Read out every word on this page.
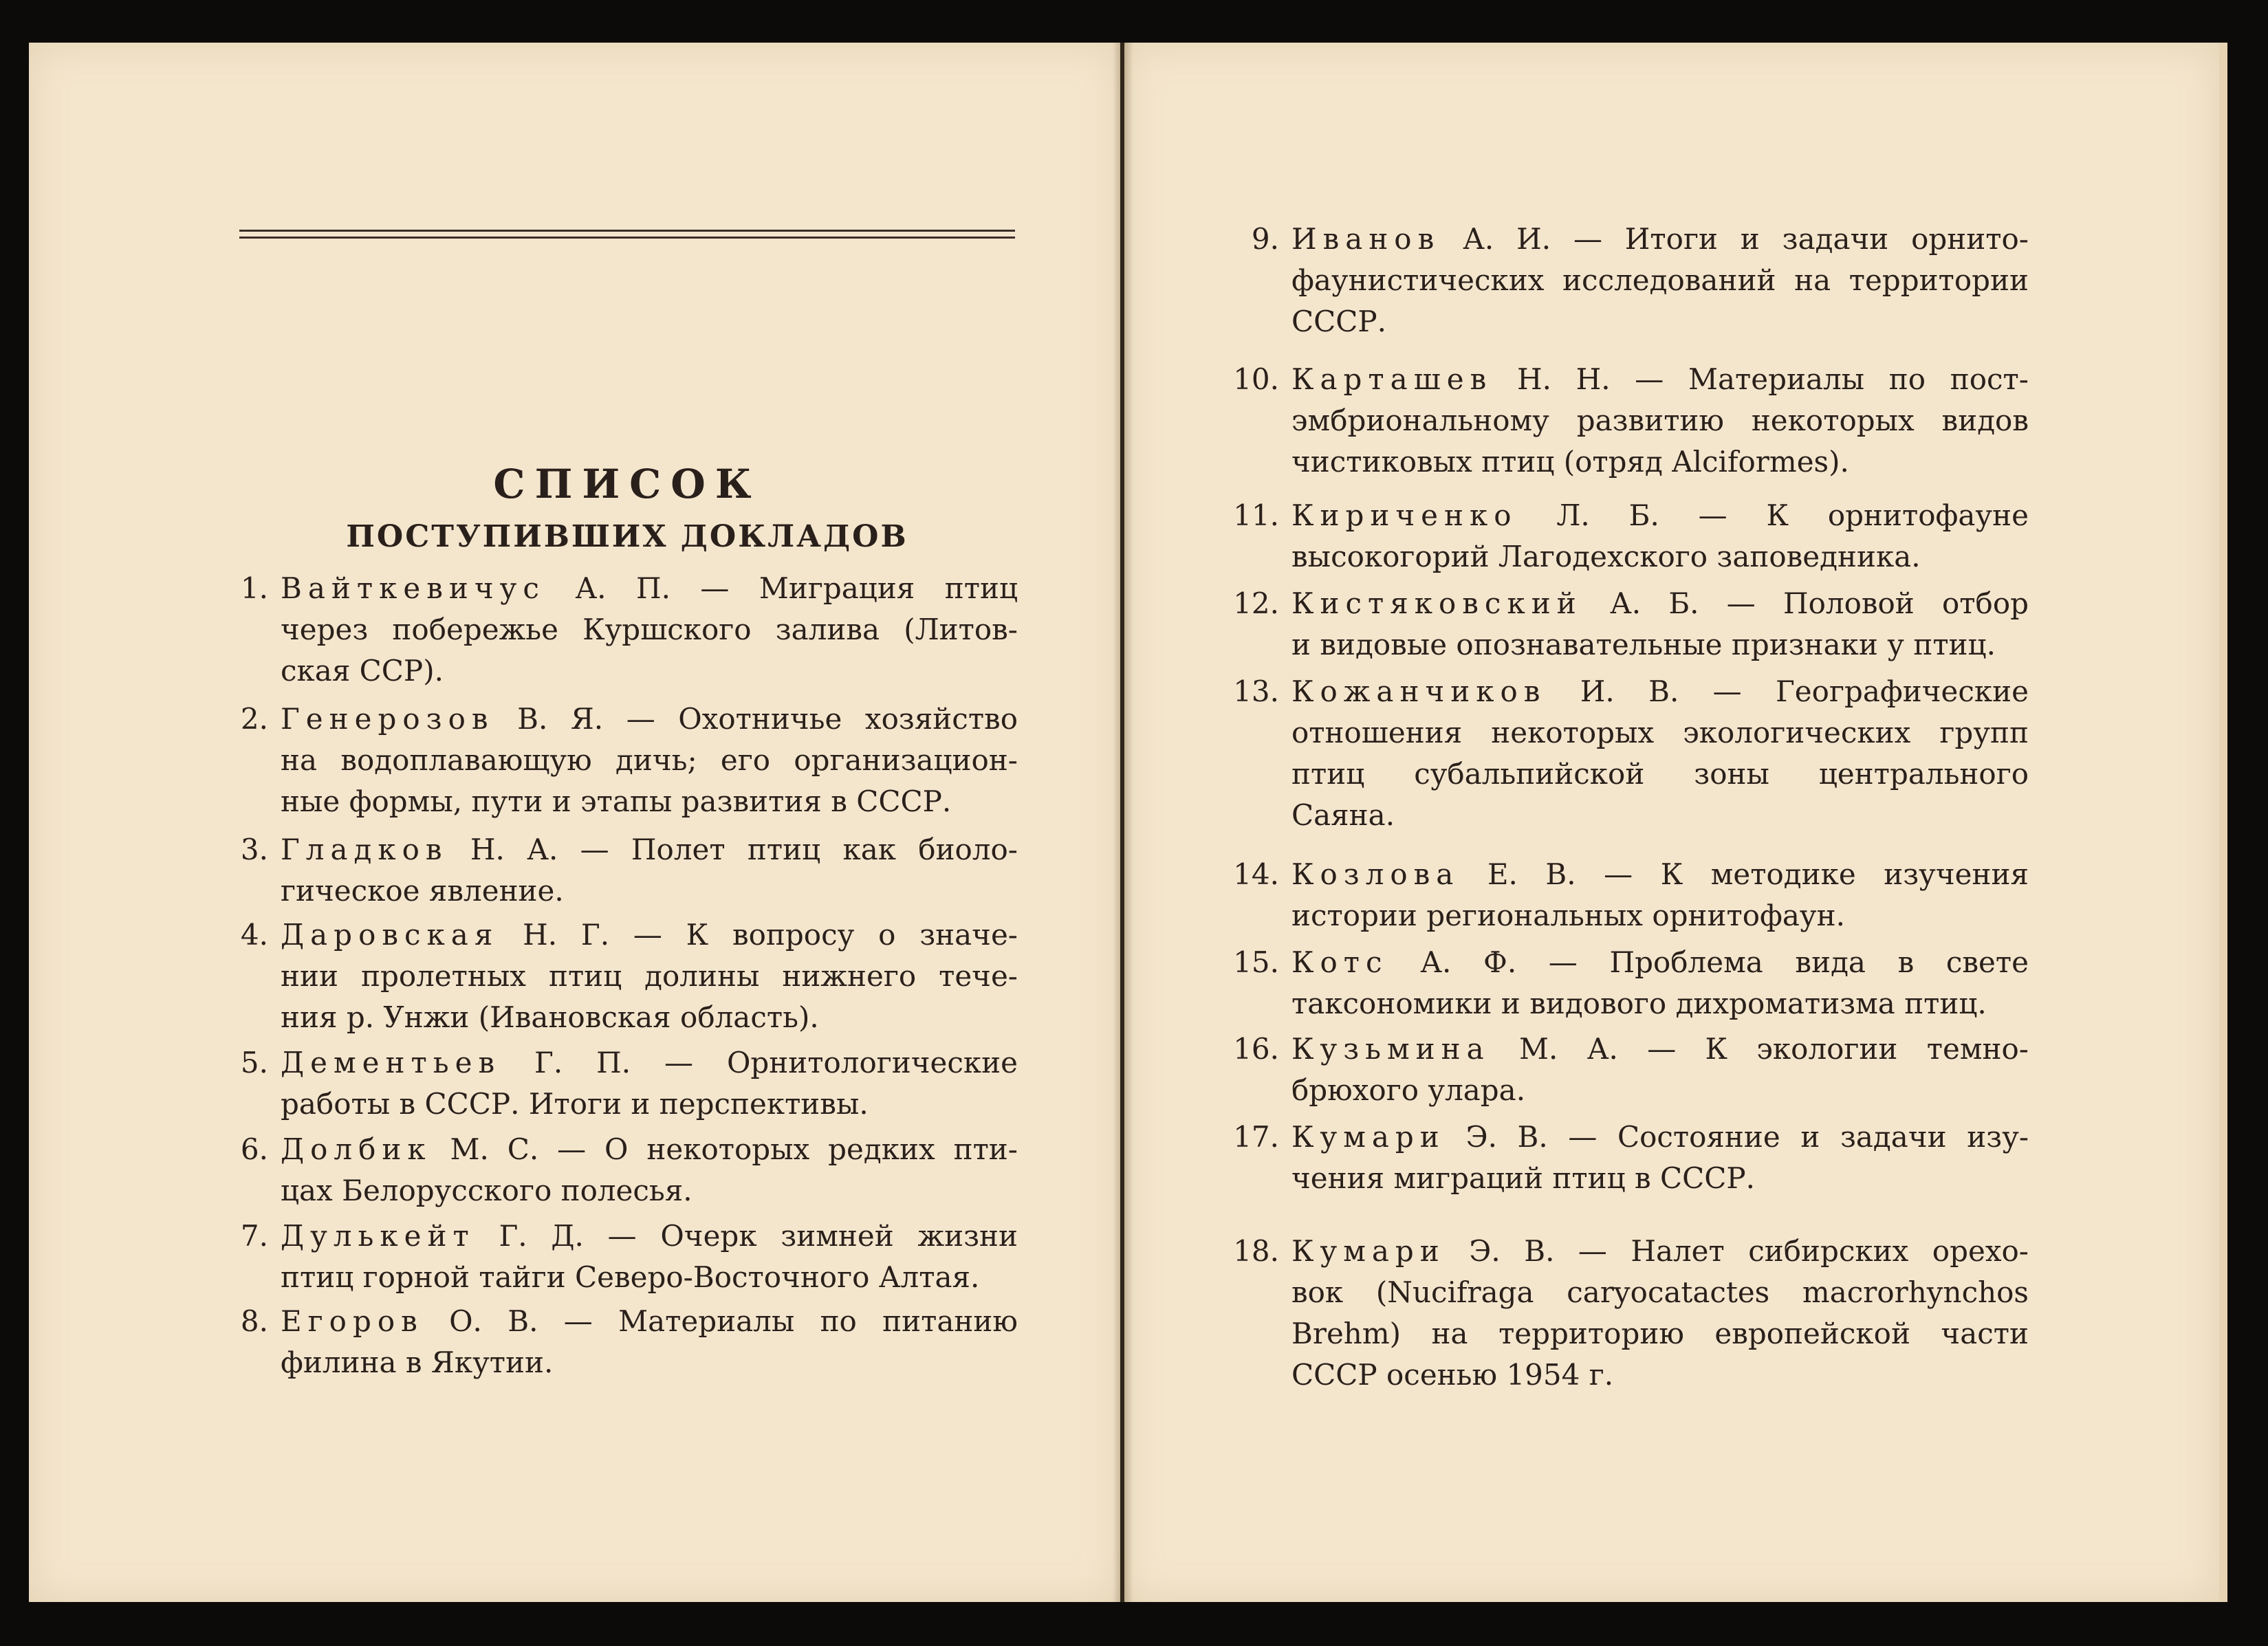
СПИСОК
ПОСТУПИВШИХ ДОКЛАДОВ
1. Вайткевичус А. П. — Миграция птиц
через побережье Куршского залива (Литов-
ская ССР).
2. Генерозов В. Я. — Охотничье хозяйство
на водоплавающую дичь; его организацион-
ные формы, пути и этапы развития в СССР.
3. Гладков Н. А. — Полет птиц как биоло-
гическое явление.
4. Даровская Н. Г. — К вопросу о значе-
нии пролетных птиц долины нижнего тече-
ния р. Унжи (Ивановская область).
5. Дементьев Г. П. — Орнитологические
работы в СССР. Итоги и перспективы.
6. Долбик М. С. — О некоторых редких пти-
цах Белорусского полесья.
7. Дулькейт Г. Д. — Очерк зимней жизни
птиц горной тайги Северо-Восточного Алтая.
8. Егоров О. В. — Материалы по питанию
филина в Якутии.
9. Иванов А. И. — Итоги и задачи орнито-
фаунистических исследований на территории
СССР.
10. Карташев Н. Н. — Материалы по пост-
эмбриональному развитию некоторых видов
чистиковых птиц (отряд Alciformes).
11. Кириченко Л. Б. — К орнитофауне
высокогорий Лагодехского заповедника.
12. Кистяковский А. Б. — Половой отбор
и видовые опознавательные признаки у птиц.
13. Кожанчиков И. В. — Географические
отношения некоторых экологических групп
птиц субальпийской зоны центрального
Саяна.
14. Козлова Е. В. — К методике изучения
истории региональных орнитофаун.
15. Котс А. Ф. — Проблема вида в свете
таксономики и видового дихроматизма птиц.
16. Кузьмина М. А. — К экологии темно-
брюхого улара.
17. Кумари Э. В. — Состояние и задачи изу-
чения миграций птиц в СССР.
18. Кумари Э. В. — Налет сибирских орехо-
вок (Nucifraga caryocatactes macrorhynchos
Brehm) на территорию европейской части
СССР осенью 1954 г.
